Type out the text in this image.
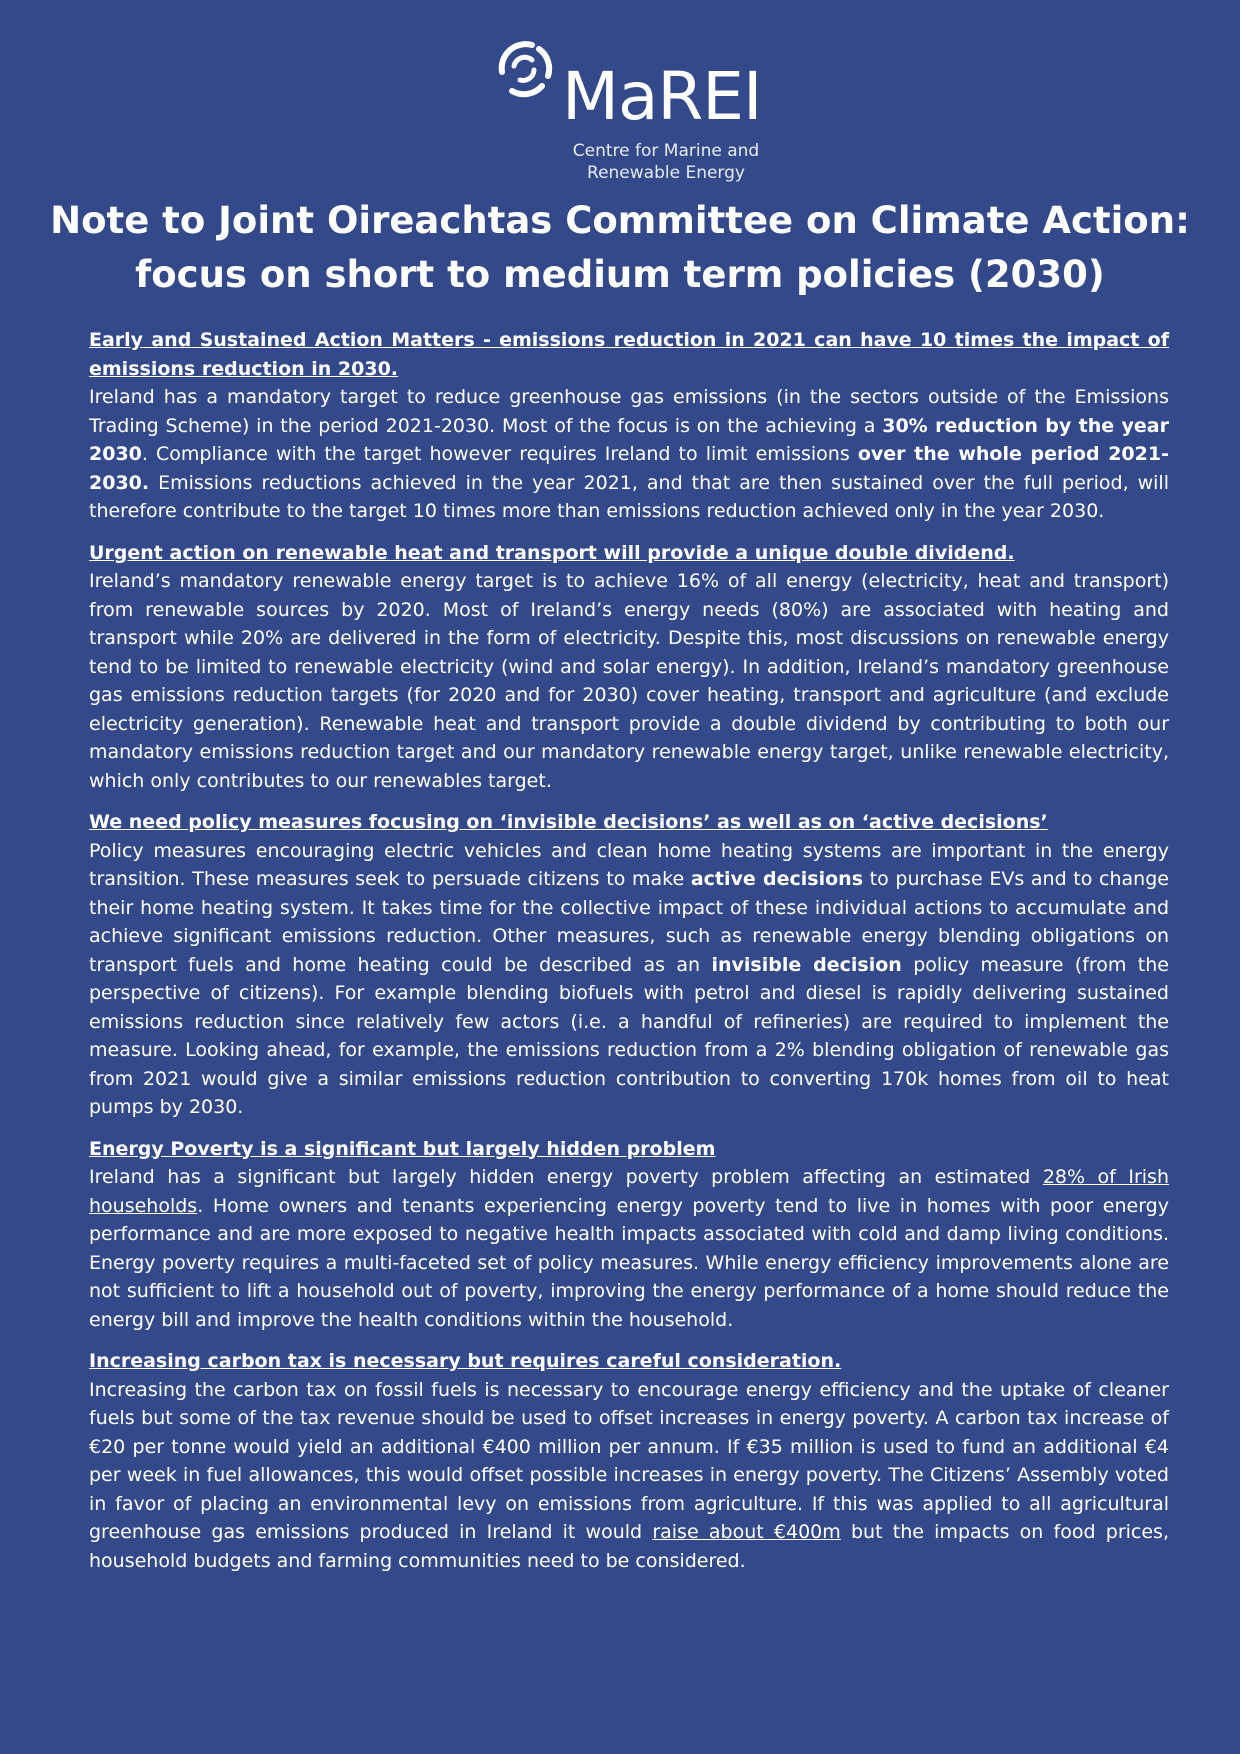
MaREI
Centre for Marine and
Renewable Energy
Note to Joint Oireachtas Committee on Climate Action:
focus on short to medium term policies (2030)
Early and Sustained Action Matters - emissions reduction in 2021 can have 10 times the impact of emissions reduction in 2030.

Ireland has a mandatory target to reduce greenhouse gas emissions (in the sectors outside of the Emissions Trading Scheme) in the period 2021-2030. Most of the focus is on the achieving a 30% reduction by the year 2030. Compliance with the target however requires Ireland to limit emissions over the whole period 2021-2030. Emissions reductions achieved in the year 2021, and that are then sustained over the full period, will therefore contribute to the target 10 times more than emissions reduction achieved only in the year 2030.

Urgent action on renewable heat and transport will provide a unique double dividend.

Ireland’s mandatory renewable energy target is to achieve 16% of all energy (electricity, heat and transport) from renewable sources by 2020. Most of Ireland’s energy needs (80%) are associated with heating and transport while 20% are delivered in the form of electricity. Despite this, most discussions on renewable energy tend to be limited to renewable electricity (wind and solar energy). In addition, Ireland’s mandatory greenhouse gas emissions reduction targets (for 2020 and for 2030) cover heating, transport and agriculture (and exclude electricity generation). Renewable heat and transport provide a double dividend by contributing to both our mandatory emissions reduction target and our mandatory renewable energy target, unlike renewable electricity, which only contributes to our renewables target.

We need policy measures focusing on ‘invisible decisions’ as well as on ‘active decisions’

Policy measures encouraging electric vehicles and clean home heating systems are important in the energy transition. These measures seek to persuade citizens to make active decisions to purchase EVs and to change their home heating system. It takes time for the collective impact of these individual actions to accumulate and achieve significant emissions reduction. Other measures, such as renewable energy blending obligations on transport fuels and home heating could be described as an invisible decision policy measure (from the perspective of citizens). For example blending biofuels with petrol and diesel is rapidly delivering sustained emissions reduction since relatively few actors (i.e. a handful of refineries) are required to implement the measure. Looking ahead, for example, the emissions reduction from a 2% blending obligation of renewable gas from 2021 would give a similar emissions reduction contribution to converting 170k homes from oil to heat pumps by 2030.

Energy Poverty is a significant but largely hidden problem

Ireland has a significant but largely hidden energy poverty problem affecting an estimated 28% of Irish households. Home owners and tenants experiencing energy poverty tend to live in homes with poor energy performance and are more exposed to negative health impacts associated with cold and damp living conditions. Energy poverty requires a multi-faceted set of policy measures. While energy efficiency improvements alone are not sufficient to lift a household out of poverty, improving the energy performance of a home should reduce the energy bill and improve the health conditions within the household.

Increasing carbon tax is necessary but requires careful consideration.

Increasing the carbon tax on fossil fuels is necessary to encourage energy efficiency and the uptake of cleaner fuels but some of the tax revenue should be used to offset increases in energy poverty. A carbon tax increase of €20 per tonne would yield an additional €400 million per annum. If €35 million is used to fund an additional €4 per week in fuel allowances, this would offset possible increases in energy poverty. The Citizens’ Assembly voted in favor of placing an environmental levy on emissions from agriculture. If this was applied to all agricultural greenhouse gas emissions produced in Ireland it would raise about €400m but the impacts on food prices, household budgets and farming communities need to be considered.
